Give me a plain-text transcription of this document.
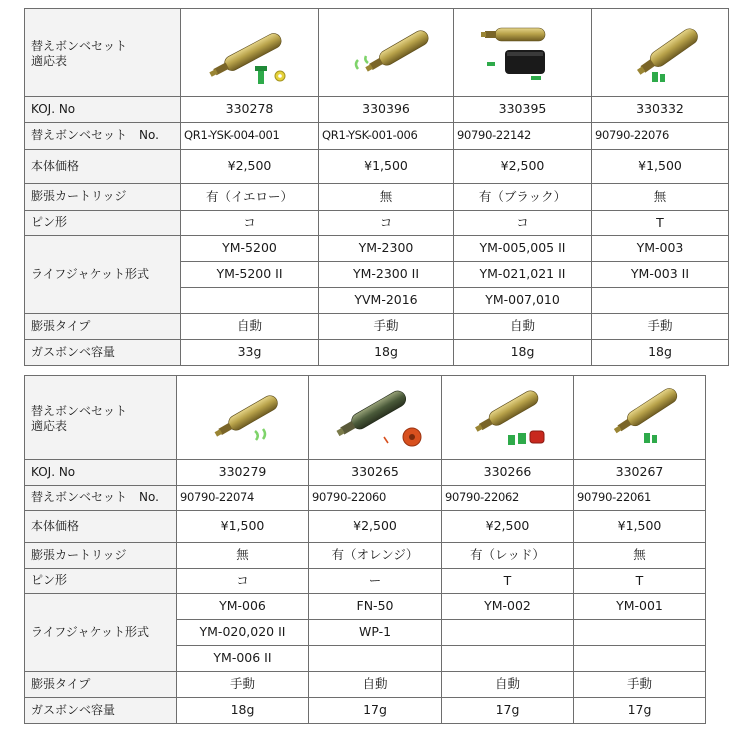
替えボンベセット
適応表	

KOJ. No	330278	330396	330395	330332
替えボンベセット　No.	QR1-YSK-004-001	QR1-YSK-001-006	90790-22142	90790-22076
本体価格	¥2,500	¥1,500	¥2,500	¥1,500
膨張カートリッジ	有（イエロー）	無	有（ブラック）	無
ピン形	コ	コ	コ	T
ライフジャケット形式	YM-5200	YM-2300	YM-005,005 II	YM-003
	YM-5200 II	YM-2300 II	YM-021,021 II	YM-003 II
		YVM-2016	YM-007,010	
膨張タイプ	自動	手動	自動	手動
ガスボンベ容量	33g	18g	18g	18g
替えボンベセット
適応表	

KOJ. No	330279	330265	330266	330267
替えボンベセット　No.	90790-22074	90790-22060	90790-22062	90790-22061
本体価格	¥1,500	¥2,500	¥2,500	¥1,500
膨張カートリッジ	無	有（オレンジ）	有（レッド）	無
ピン形	コ	ー	T	T
ライフジャケット形式	YM-006	FN-50	YM-002	YM-001
	YM-020,020 II	WP-1		
	YM-006 II			
膨張タイプ	手動	自動	自動	手動
ガスボンベ容量	18g	17g	17g	17g
